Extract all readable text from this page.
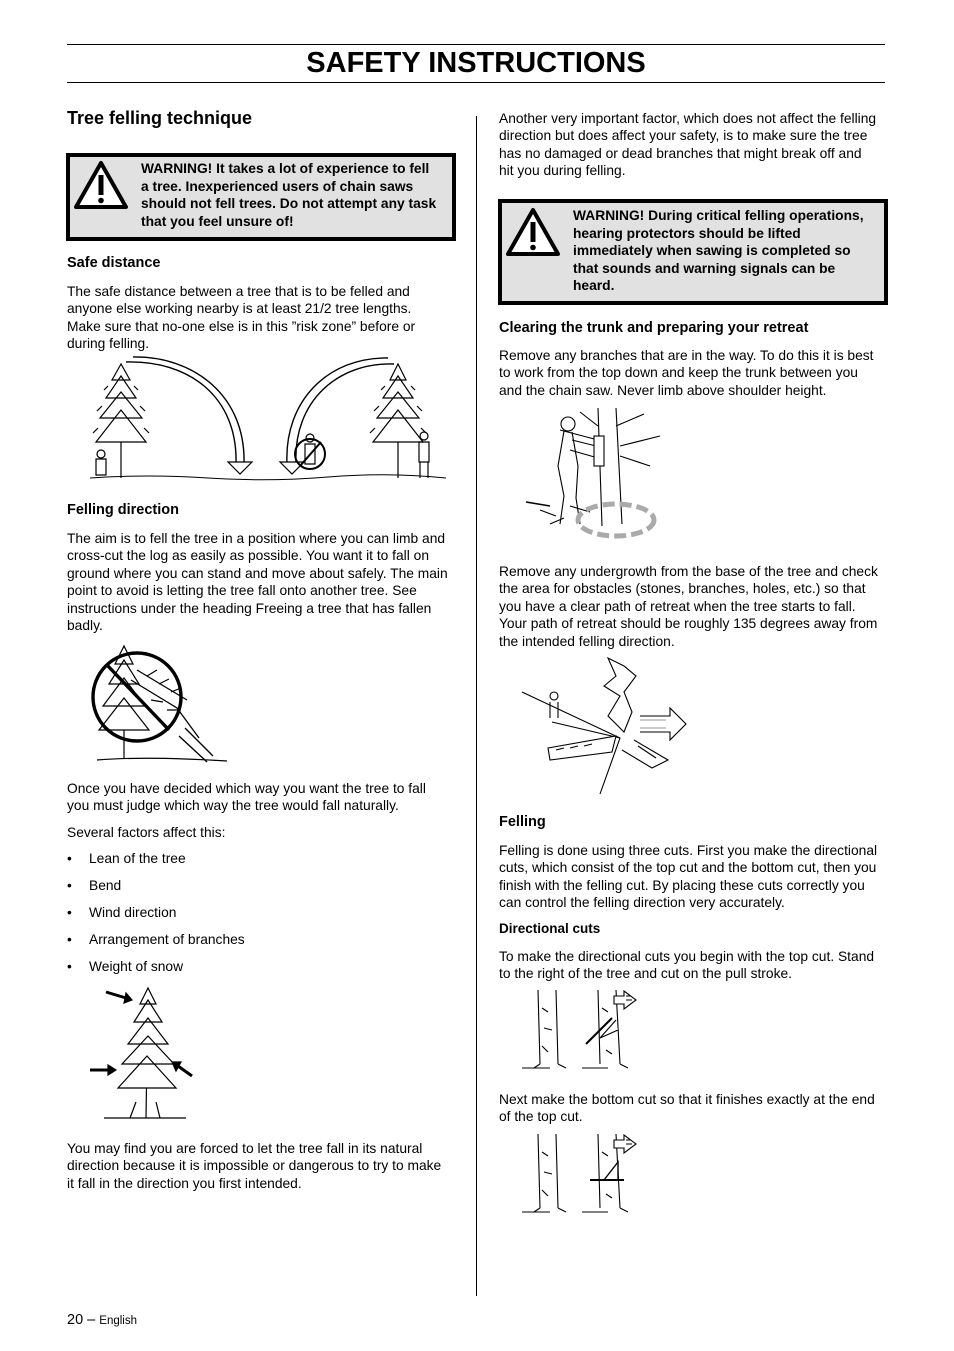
SAFETY INSTRUCTIONS
Tree felling technique
WARNING! It takes a lot of experience to fell
a tree. Inexperienced users of chain saws
should not fell trees. Do not attempt any task
that you feel unsure of!
Safe distance
The safe distance between a tree that is to be felled and
anyone else working nearby is at least 21/2 tree lengths.
Make sure that no-one else is in this ”risk zone” before or
during felling.
Felling direction
The aim is to fell the tree in a position where you can limb and
cross-cut the log as easily as possible. You want it to fall on
ground where you can stand and move about safely. The main
point to avoid is letting the tree fall onto another tree. See
instructions under the heading Freeing a tree that has fallen
badly.
Once you have decided which way you want the tree to fall
you must judge which way the tree would fall naturally.
Several factors affect this:
• Lean of the tree
• Bend
• Wind direction
• Arrangement of branches
• Weight of snow
You may find you are forced to let the tree fall in its natural
direction because it is impossible or dangerous to try to make
it fall in the direction you first intended.
Another very important factor, which does not affect the felling
direction but does affect your safety, is to make sure the tree
has no damaged or dead branches that might break off and
hit you during felling.
WARNING! During critical felling operations,
hearing protectors should be lifted
immediately when sawing is completed so
that sounds and warning signals can be
heard.
Clearing the trunk and preparing your retreat
Remove any branches that are in the way. To do this it is best
to work from the top down and keep the trunk between you
and the chain saw. Never limb above shoulder height.
Remove any undergrowth from the base of the tree and check
the area for obstacles (stones, branches, holes, etc.) so that
you have a clear path of retreat when the tree starts to fall.
Your path of retreat should be roughly 135 degrees away from
the intended felling direction.
Felling
Felling is done using three cuts. First you make the directional
cuts, which consist of the top cut and the bottom cut, then you
finish with the felling cut. By placing these cuts correctly you
can control the felling direction very accurately.
Directional cuts
To make the directional cuts you begin with the top cut. Stand
to the right of the tree and cut on the pull stroke.
Next make the bottom cut so that it finishes exactly at the end
of the top cut.
20 – English
